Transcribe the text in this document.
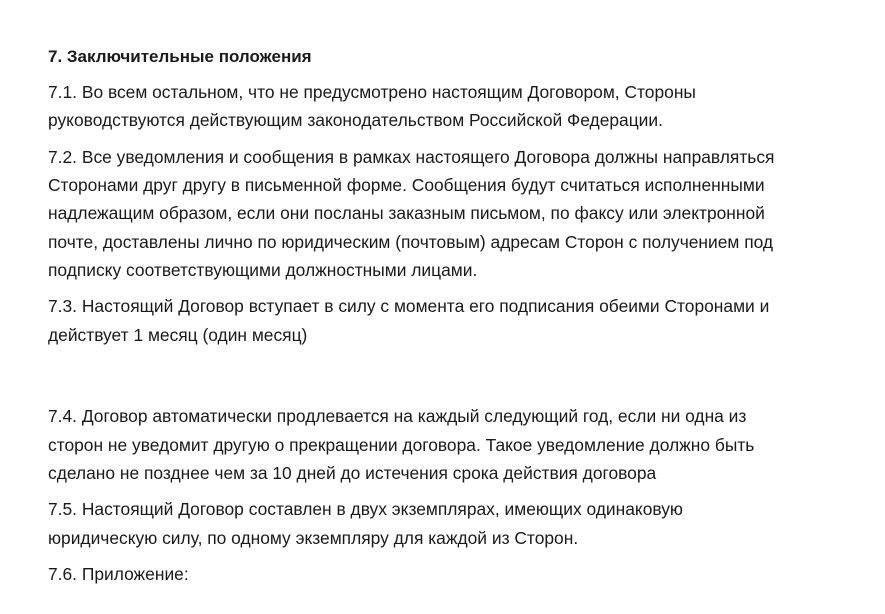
7. Заключительные положения
7.1. Во всем остальном, что не предусмотрено настоящим Договором, Стороны
руководствуются действующим законодательством Российской Федерации.
7.2. Все уведомления и сообщения в рамках настоящего Договора должны направляться
Сторонами друг другу в письменной форме. Сообщения будут считаться исполненными
надлежащим образом, если они посланы заказным письмом, по факсу или электронной
почте, доставлены лично по юридическим (почтовым) адресам Сторон с получением под
подписку соответствующими должностными лицами.
7.3. Настоящий Договор вступает в силу с момента его подписания обеими Сторонами и
действует 1 месяц (один месяц)
7.4. Договор автоматически продлевается на каждый следующий год, если ни одна из
сторон не уведомит другую о прекращении договора. Такое уведомление должно быть
сделано не позднее чем за 10 дней до истечения срока действия договора
7.5. Настоящий Договор составлен в двух экземплярах, имеющих одинаковую
юридическую силу, по одному экземпляру для каждой из Сторон.
7.6. Приложение:
